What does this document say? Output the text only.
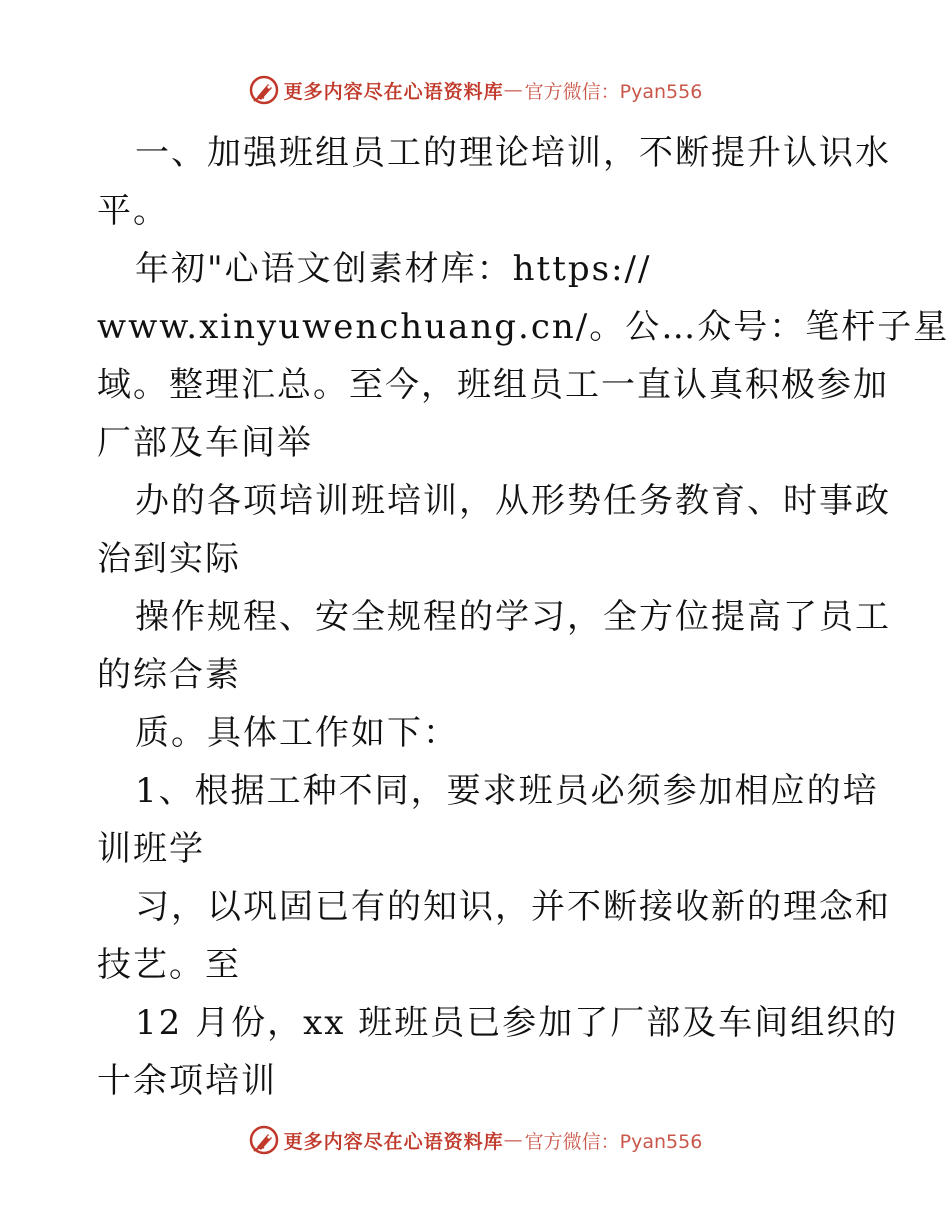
更多内容尽在心语资料库 — 官方微信：Pyan556
一、加强班组员工的理论培训，不断提升认识水
平。
年初"心语文创素材库：https://
www.xinyuwenchuang.cn/。公…众号：笔杆子星
域。整理汇总。至今，班组员工一直认真积极参加
厂部及车间举
办的各项培训班培训，从形势任务教育、时事政
治到实际
操作规程、安全规程的学习，全方位提高了员工
的综合素
质。具体工作如下：
1、根据工种不同，要求班员必须参加相应的培
训班学
习，以巩固已有的知识，并不断接收新的理念和
技艺。至
12 月份，xx 班班员已参加了厂部及车间组织的
十余项培训
更多内容尽在心语资料库 — 官方微信：Pyan556
